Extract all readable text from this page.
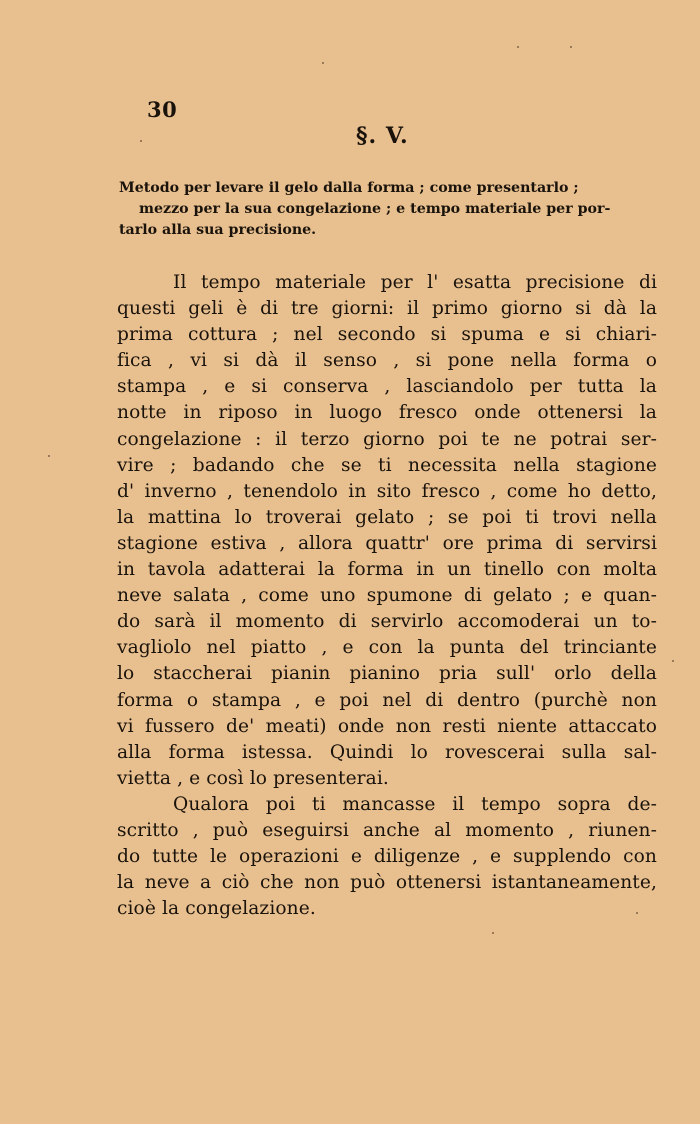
30
§. V.
Metodo per levare il gelo dalla forma ; come presentarlo ;
mezzo per la sua congelazione ; e tempo materiale per por-
tarlo alla sua precisione.
Il tempo materiale per l' esatta precisione di
questi geli è di tre giorni: il primo giorno si dà la
prima cottura ; nel secondo si spuma e si chiari-
fica , vi si dà il senso , si pone nella forma o
stampa , e si conserva , lasciandolo per tutta la
notte in riposo in luogo fresco onde ottenersi la
congelazione : il terzo giorno poi te ne potrai ser-
vire ; badando che se ti necessita nella stagione
d' inverno , tenendolo in sito fresco , come ho detto,
la mattina lo troverai gelato ; se poi ti trovi nella
stagione estiva , allora quattr' ore prima di servirsi
in tavola adatterai la forma in un tinello con molta
neve salata , come uno spumone di gelato ; e quan-
do sarà il momento di servirlo accomoderai un to-
vagliolo nel piatto , e con la punta del trinciante
lo staccherai pianin pianino pria sull' orlo della
forma o stampa , e poi nel di dentro (purchè non
vi fussero de' meati) onde non resti niente attaccato
alla forma istessa. Quindi lo rovescerai sulla sal-
vietta , e così lo presenterai.
Qualora poi ti mancasse il tempo sopra de-
scritto , può eseguirsi anche al momento , riunen-
do tutte le operazioni e diligenze , e supplendo con
la neve a ciò che non può ottenersi istantaneamente,
cioè la congelazione.
